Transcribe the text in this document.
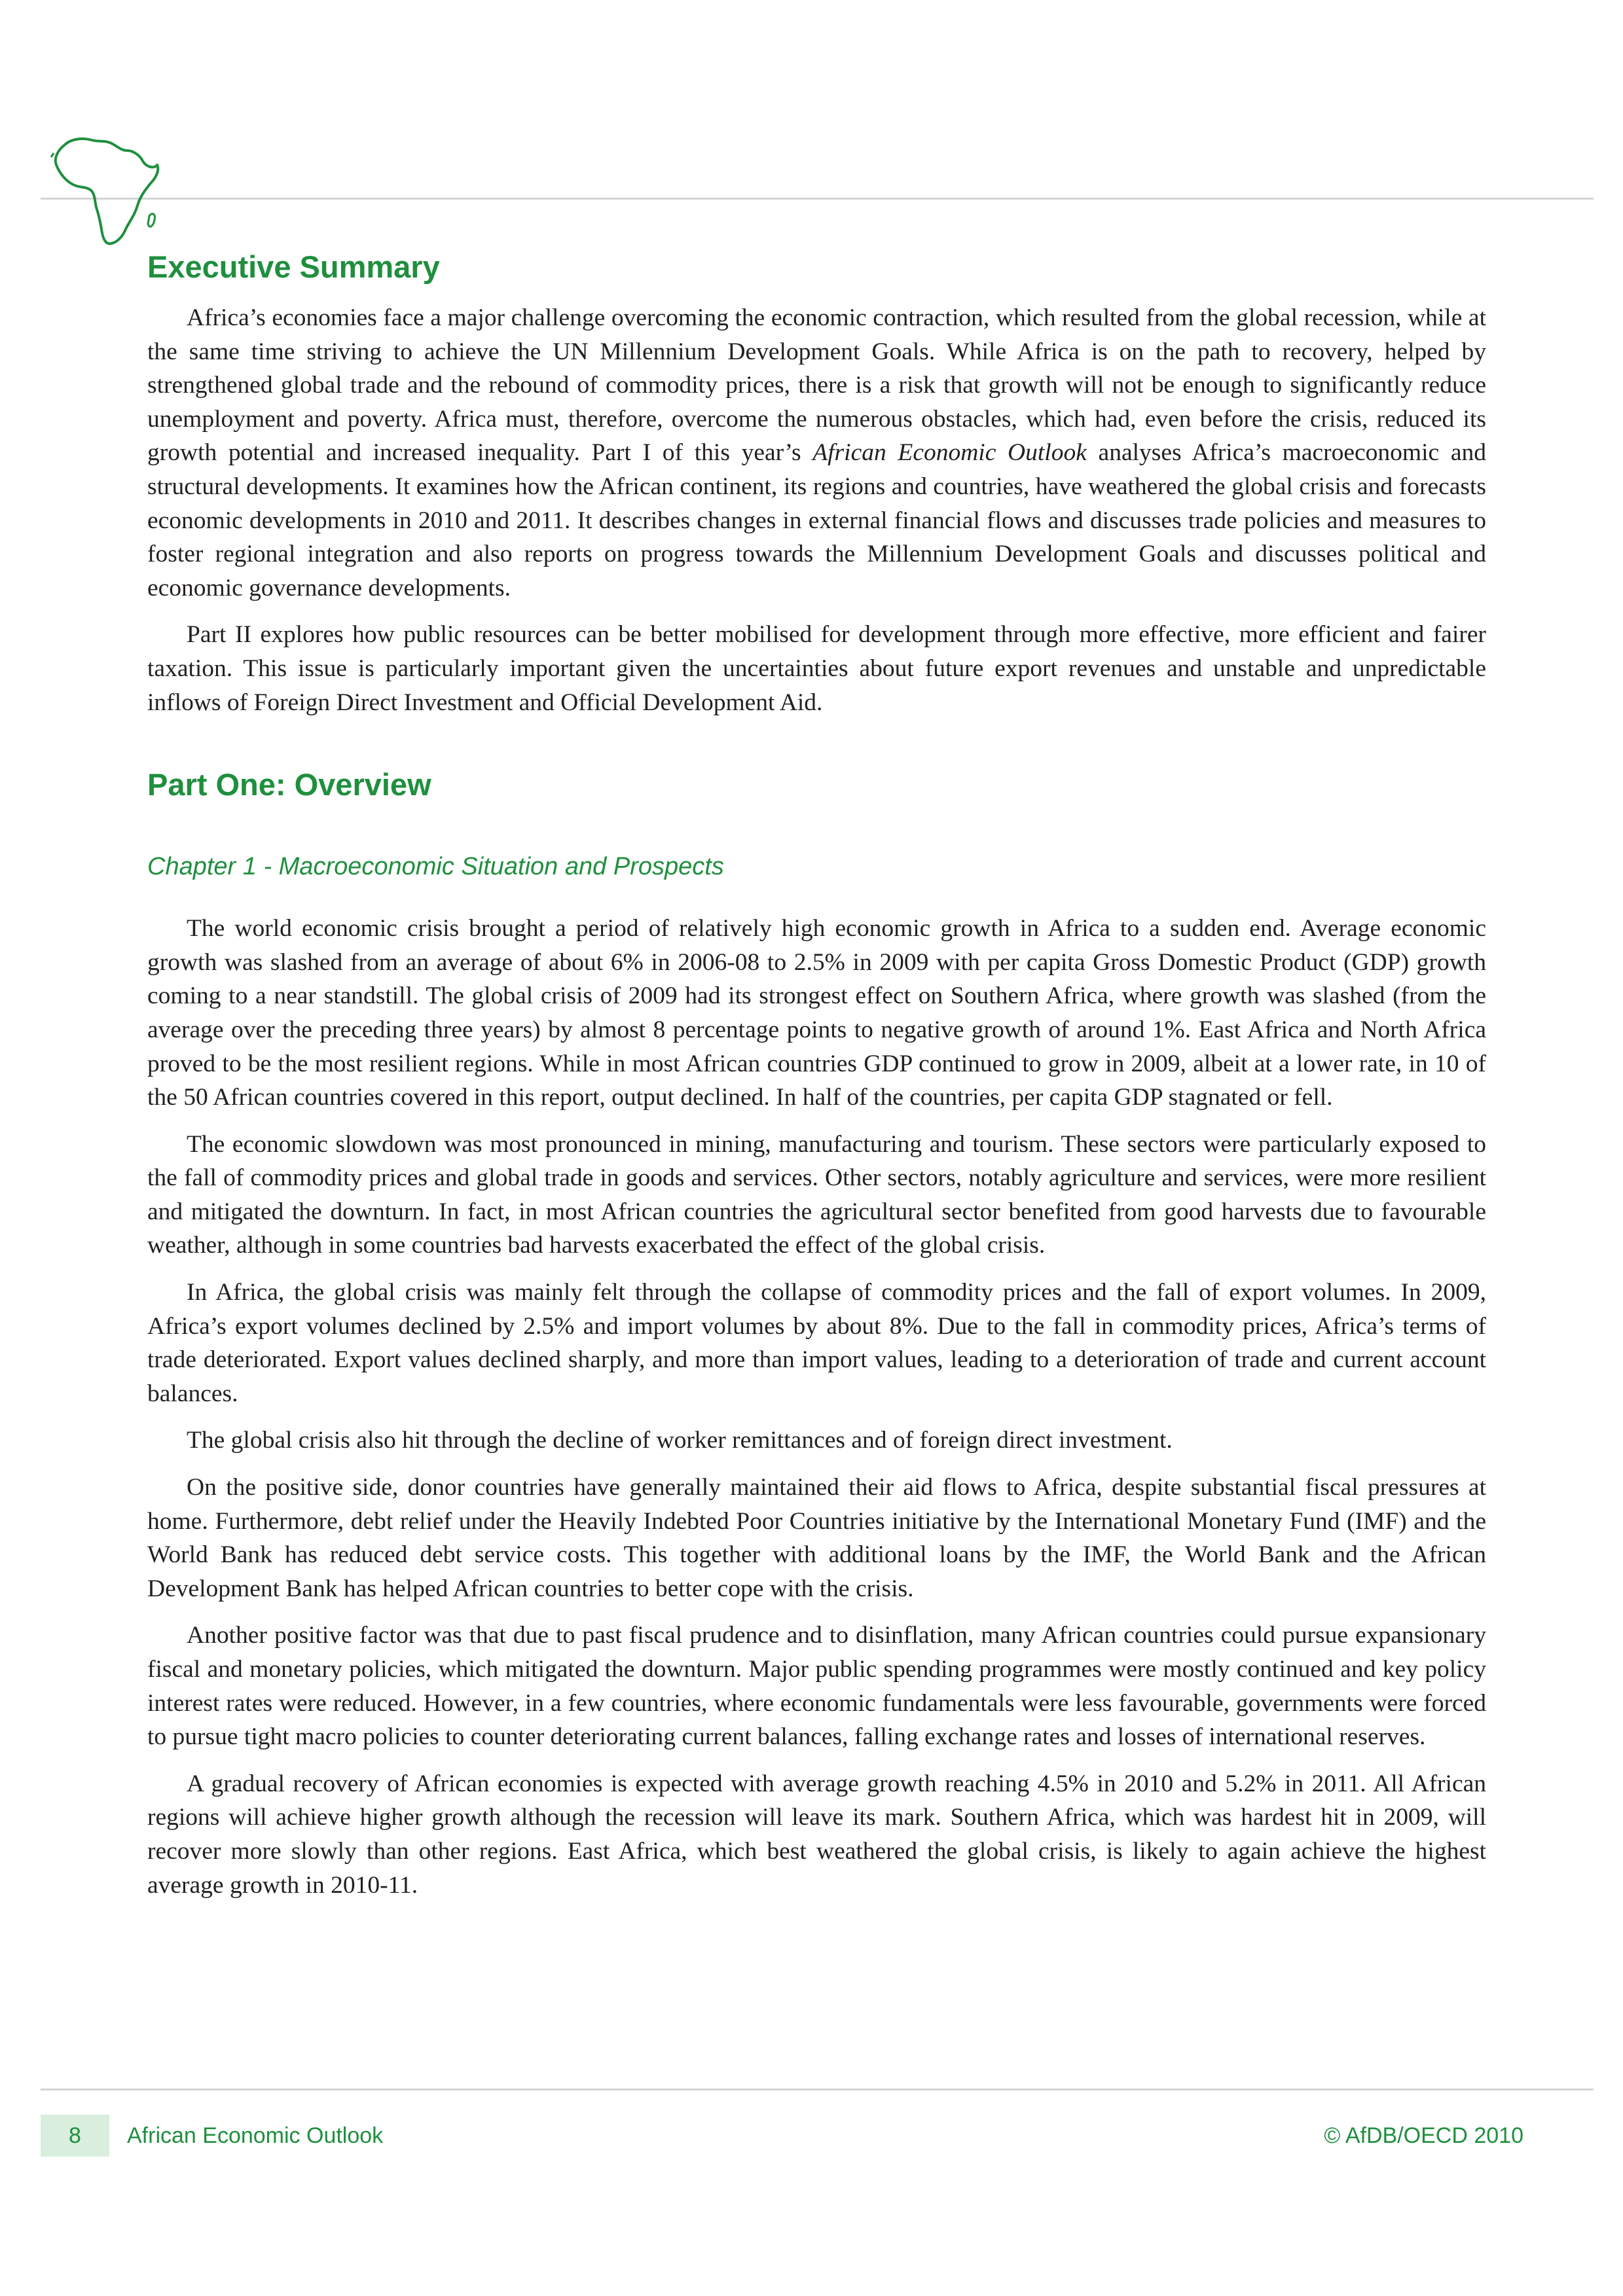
Executive Summary

Africa’s economies face a major challenge overcoming the economic contraction, which resulted from the global recession, while at the same time striving to achieve the UN Millennium Development Goals. While Africa is on the path to recovery, helped by strengthened global trade and the rebound of commodity prices, there is a risk that growth will not be enough to significantly reduce unemployment and poverty. Africa must, therefore, overcome the numerous obstacles, which had, even before the crisis, reduced its growth potential and increased inequality. Part I of this year’s African Economic Outlook analyses Africa’s macroeconomic and structural developments. It examines how the African continent, its regions and countries, have weathered the global crisis and forecasts economic developments in 2010 and 2011. It describes changes in external financial flows and discusses trade policies and measures to foster regional integration and also reports on progress towards the Millennium Development Goals and discusses political and economic governance developments.

Part II explores how public resources can be better mobilised for development through more effective, more efficient and fairer taxation. This issue is particularly important given the uncertainties about future export revenues and unstable and unpredictable inflows of Foreign Direct Investment and Official Development Aid.

Part One: Overview
Chapter 1 - Macroeconomic Situation and Prospects

The world economic crisis brought a period of relatively high economic growth in Africa to a sudden end. Average economic growth was slashed from an average of about 6% in 2006-08 to 2.5% in 2009 with per capita Gross Domestic Product (GDP) growth coming to a near standstill. The global crisis of 2009 had its strongest effect on Southern Africa, where growth was slashed (from the average over the preceding three years) by almost 8 percentage points to negative growth of around 1%. East Africa and North Africa proved to be the most resilient regions. While in most African countries GDP continued to grow in 2009, albeit at a lower rate, in 10 of the 50 African countries covered in this report, output declined. In half of the countries, per capita GDP stagnated or fell.

The economic slowdown was most pronounced in mining, manufacturing and tourism. These sectors were particularly exposed to the fall of commodity prices and global trade in goods and services. Other sectors, notably agriculture and services, were more resilient and mitigated the downturn. In fact, in most African countries the agricultural sector benefited from good harvests due to favourable weather, although in some countries bad harvests exacerbated the effect of the global crisis.

In Africa, the global crisis was mainly felt through the collapse of commodity prices and the fall of export volumes. In 2009, Africa’s export volumes declined by 2.5% and import volumes by about 8%. Due to the fall in commodity prices, Africa’s terms of trade deteriorated. Export values declined sharply, and more than import values, leading to a deterioration of trade and current account balances.

The global crisis also hit through the decline of worker remittances and of foreign direct investment.

On the positive side, donor countries have generally maintained their aid flows to Africa, despite substantial fiscal pressures at home. Furthermore, debt relief under the Heavily Indebted Poor Countries initiative by the International Monetary Fund (IMF) and the World Bank has reduced debt service costs. This together with additional loans by the IMF, the World Bank and the African Development Bank has helped African countries to better cope with the crisis.

Another positive factor was that due to past fiscal prudence and to disinflation, many African countries could pursue expansionary fiscal and monetary policies, which mitigated the downturn. Major public spending programmes were mostly continued and key policy interest rates were reduced. However, in a few countries, where economic fundamentals were less favourable, governments were forced to pursue tight macro policies to counter deteriorating current balances, falling exchange rates and losses of international reserves.

A gradual recovery of African economies is expected with average growth reaching 4.5% in 2010 and 5.2% in 2011. All African regions will achieve higher growth although the recession will leave its mark. Southern Africa, which was hardest hit in 2009, will recover more slowly than other regions. East Africa, which best weathered the global crisis, is likely to again achieve the highest average growth in 2010-11.

8	African Economic Outlook	© AfDB/OECD 2010
